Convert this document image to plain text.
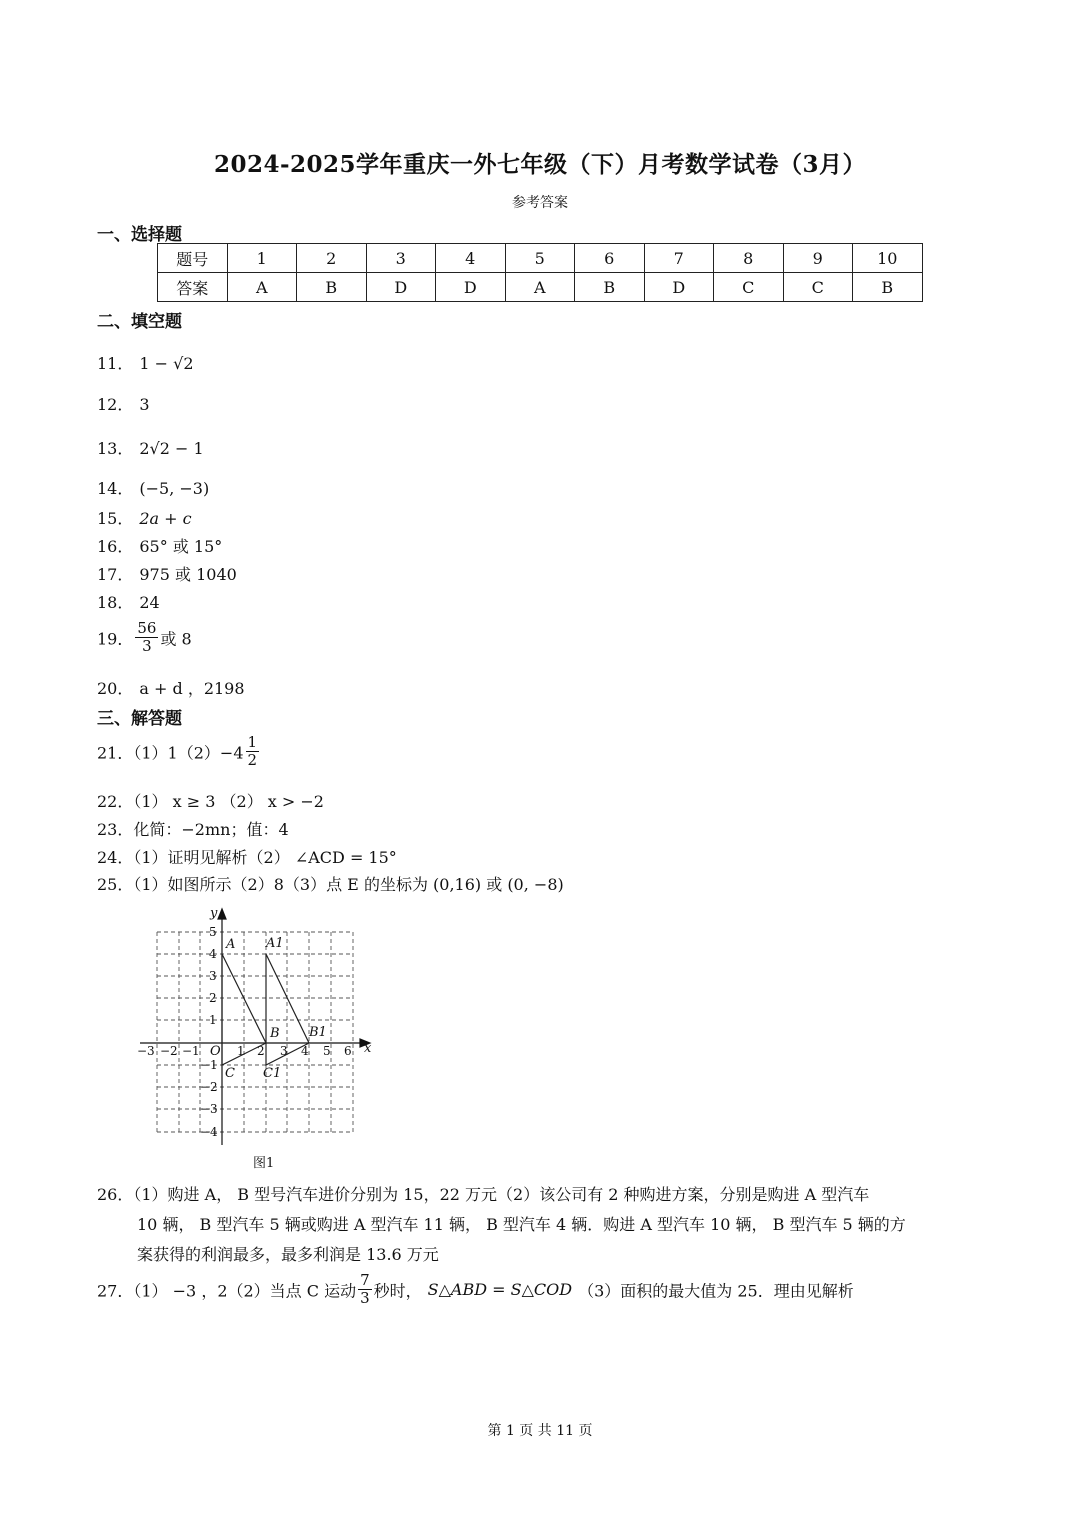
2024-2025学年重庆一外七年级（下）月考数学试卷（3月）
参考答案
一、选择题
题号	1	2	3	4	5	6	7	8	9	10
答案	A	B	D	D	A	B	D	C	C	B
二、填空题
11． 1 − √2
12． 3
13． 2√2 − 1
14． (−5, −3)
15． 2a + c
16． 65° 或 15°
17． 975 或 1040
18． 24
19． $\frac{56}{3}$ 或 8
20． a + d ，2198
三、解答题
21．$(1)1(2)-4 \frac{1}{2}$
22．（1） x ≥ 3 （2） x > −2
23．化简：−2mn；值：4
24．（1）证明见解析（2） ∠ACD = 15°
25．（1）如图所示（2）8（3）点 E 的坐标为 (0,16) 或 (0, −8)
−3 −2 −1	1 2 3 4 5 6
1
2
3
4
5
−1
−2
−3
−4
O	x
y
A
B
C
A1
B1
C1
图1
26．（1）购进 A， B 型号汽车进价分别为 15，22 万元（2）该公司有 2 种购进方案，分别是购进 A 型汽车
10 辆， B 型汽车 5 辆或购进 A 型汽车 11 辆， B 型汽车 4 辆．购进 A 型汽车 10 辆， B 型汽车 5 辆的方
案获得的利润最多，最多利润是 13.6 万元
27．（1） −3 ，2（2）当点 C 运动 $\frac{7}{3}$ 秒时， S△ABD = S△COD （3）面积的最大值为 25．理由见解析
第 1 页 共 11 页
